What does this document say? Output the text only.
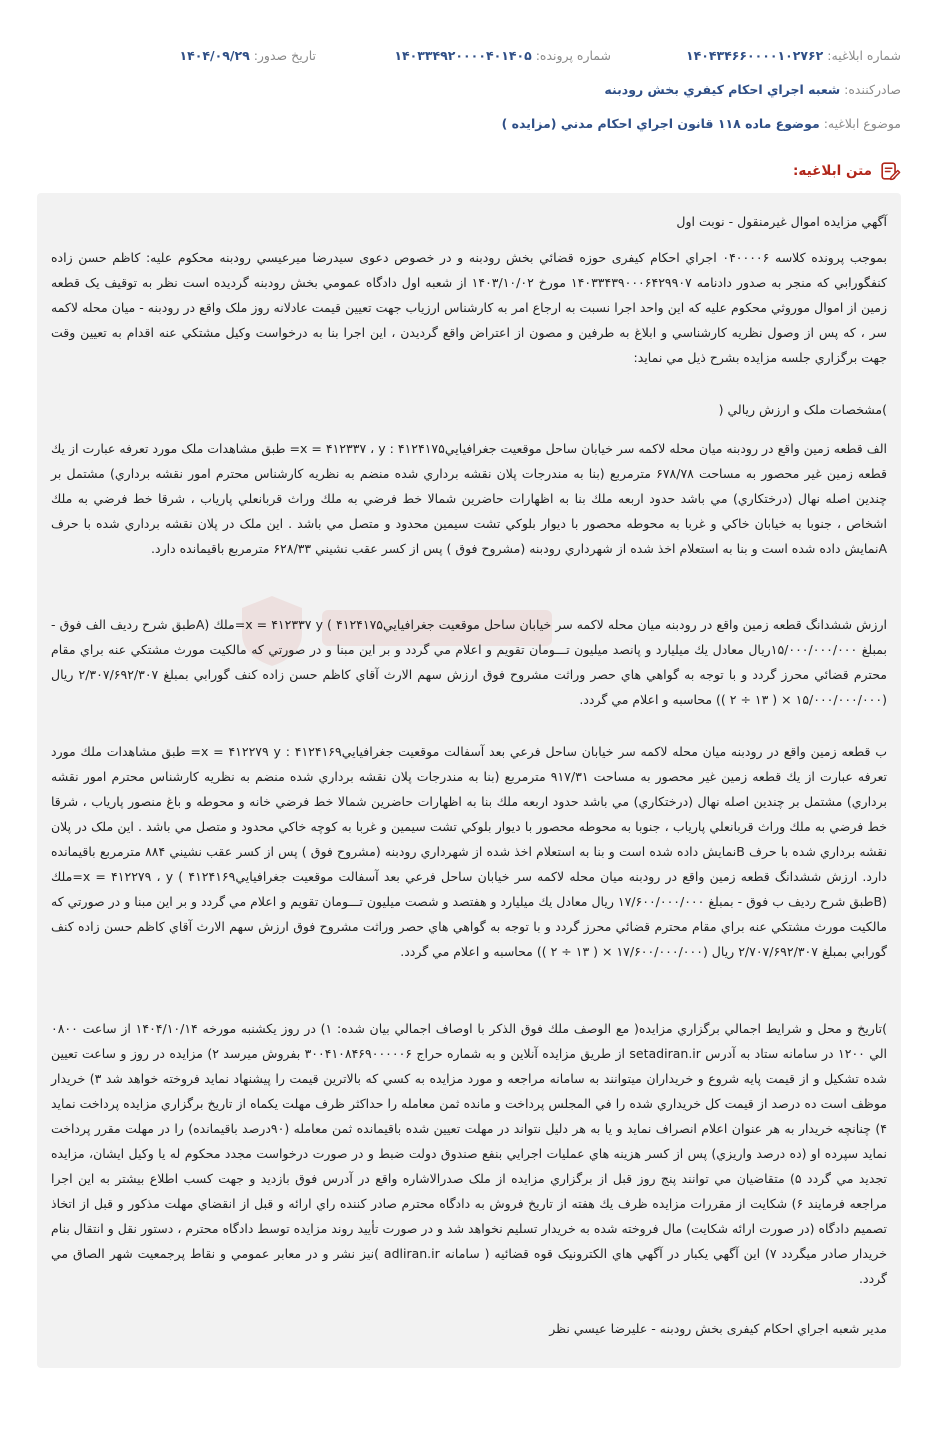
شماره ابلاغيه: ۱۴۰۴۳۴۶۶۰۰۰۰۱۰۲۷۶۲
شماره پرونده: ۱۴۰۳۳۴۹۲۰۰۰۰۴۰۱۴۰۵
تاريخ صدور: ۱۴۰۴/۰۹/۲۹
صادرکننده: شعبه اجراي احكام كيفري بخش رودبنه
موضوع ابلاغيه: موضوع ماده ۱۱۸ قانون اجراي احكام مدني (مزايده )
متن ابلاغيه:
آگهي مزايده اموال غيرمنقول - نوبت اول
بموجب پرونده کلاسه ۰۴۰۰۰۰۶ اجراي احکام کيفری حوزه قضائي بخش رودبنه و در خصوص دعوی سيدرضا ميرعيسي رودبنه محکوم عليه: کاظم حسن زاده کنفگورابي که منجر به صدور دادنامه ۱۴۰۳۳۴۳۹۰۰۰۶۴۲۹۹۰۷ مورخ ۱۴۰۳/۱۰/۰۲ از شعبه اول دادگاه عمومي بخش رودبنه گرديده است نظر به توقيف يک قطعه زمين از اموال موروثي محکوم عليه که اين واحد اجرا نسبت به ارجاع امر به کارشناس ارزياب جهت تعيين قيمت عادلانه روز ملک واقع در رودبنه - ميان محله لاکمه سر ، که پس از وصول نظريه کارشناسي و ابلاغ به طرفين و مصون از اعتراض واقع گرديدن ، اين اجرا بنا به درخواست وکيل مشتکي عنه اقدام به تعيين وقت جهت برگزاري جلسه مزايده بشرح ذيل مي نمايد:
)مشخصات ملک و ارزش ريالي (
الف قطعه زمين واقع در رودبنه ميان محله لاکمه سر خيابان ساحل موقعيت جغرافيايي۴۱۲۴۱۷۵ : x = ۴۱۲۳۳۷ ، y= طبق مشاهدات ملک مورد تعرفه عبارت از يك قطعه زمين غير محصور به مساحت ۶۷۸/۷۸ مترمربع (بنا به مندرجات پلان نقشه برداري شده منضم به نظريه کارشناس محترم امور نقشه برداري) مشتمل بر چندين اصله نهال (درختکاري) مي باشد حدود اربعه ملك بنا به اظهارات حاضرين شمالا خط فرضي به ملك وراث قربانعلي پارياب ، شرقا خط فرضي به ملك اشخاص ، جنوبا به خيابان خاکي و غربا به محوطه محصور با ديوار بلوکي تشت سيمين محدود و متصل مي باشد . اين ملک در پلان نقشه برداري شده با حرف Aنمايش داده شده است و بنا به استعلام اخذ شده از شهرداري رودبنه (مشروح فوق ) پس از کسر عقب نشيني ۶۲۸/۳۳ مترمربع باقيمانده دارد.
ارزش ششدانگ قطعه زمين واقع در رودبنه ميان محله لاکمه سر خيابان ساحل موقعيت جغرافيايي۴۱۲۴۱۷۵ ) x = ۴۱۲۳۳۷ y=ملك (Aطبق شرح رديف الف فوق - بمبلغ ۱۵/۰۰۰/۰۰۰/۰۰۰ريال معادل يك ميليارد و پانصد ميليون تـــومان تقويم و اعلام مي گردد و بر اين مبنا و در صورتي که مالکيت مورث مشتکي عنه براي مقام محترم قضائي محرز گردد و با توجه به گواهي هاي حصر وراثت مشروح فوق ارزش سهم الارث آقاي کاظم حسن زاده کنف گورابي بمبلغ ۲/۳۰۷/۶۹۲/۳۰۷ ريال (۱۵/۰۰۰/۰۰۰/۰۰۰ × ( ۱۳ ÷ ۲ )) محاسبه و اعلام مي گردد.
ب قطعه زمين واقع در رودبنه ميان محله لاکمه سر خيابان ساحل فرعي بعد آسفالت موقعيت جغرافيايي۴۱۲۴۱۶۹ : x = ۴۱۲۲۷۹ y= طبق مشاهدات ملك مورد تعرفه عبارت از يك قطعه زمين غير محصور به مساحت ۹۱۷/۳۱ مترمربع (بنا به مندرجات پلان نقشه برداري شده منضم به نظريه کارشناس محترم امور نقشه برداري) مشتمل بر چندين اصله نهال (درختکاري) مي باشد حدود اربعه ملك بنا به اظهارات حاضرين شمالا خط فرضي خانه و محوطه و باغ منصور پارياب ، شرقا خط فرضي به ملك وراث قربانعلي پارياب ، جنوبا به محوطه محصور با ديوار بلوکي تشت سيمين و غربا به کوچه خاکي محدود و متصل مي باشد . اين ملک در پلان نقشه برداري شده با حرف Bنمايش داده شده است و بنا به استعلام اخذ شده از شهرداري رودبنه (مشروح فوق ) پس از کسر عقب نشيني ۸۸۴ مترمربع باقيمانده دارد. ارزش ششدانگ قطعه زمين واقع در رودبنه ميان محله لاکمه سر خيابان ساحل فرعي بعد آسفالت موقعيت جغرافيايي۴۱۲۴۱۶۹ ) x = ۴۱۲۲۷۹ ، y=ملك (Bطبق شرح رديف ب فوق - بمبلغ ۱۷/۶۰۰/۰۰۰/۰۰۰ ريال معادل يك ميليارد و هفتصد و شصت ميليون تـــومان تقويم و اعلام مي گردد و بر اين مبنا و در صورتي که مالکيت مورث مشتکي عنه براي مقام محترم قضائي محرز گردد و با توجه به گواهي هاي حصر وراثت مشروح فوق ارزش سهم الارث آقاي کاظم حسن زاده کنف گورابي بمبلغ ۲/۷۰۷/۶۹۲/۳۰۷ ريال (۱۷/۶۰۰/۰۰۰/۰۰۰ × ( ۱۳ ÷ ۲ )) محاسبه و اعلام مي گردد.
)تاريخ و محل و شرايط اجمالي برگزاري مزايده( مع الوصف ملك فوق الذكر با اوصاف اجمالي بيان شده: ۱) در روز يکشنبه مورخه ۱۴۰۴/۱۰/۱۴ از ساعت ۰۸۰۰ الي ۱۲۰۰ در سامانه ستاد به آدرس setadiran.ir از طريق مزايده آنلاين و به شماره حراج ۳۰۰۴۱۰۸۴۶۹۰۰۰۰۰۶ بفروش ميرسد ۲) مزايده در روز و ساعت تعيين شده تشکيل و از قيمت پايه شروع و خريداران ميتوانند به سامانه مراجعه و مورد مزايده به کسي که بالاترين قيمت را پيشنهاد نمايد فروخته خواهد شد ۳) خريدار موظف است ده درصد از قيمت کل خريداري شده را في المجلس پرداخت و مانده ثمن معامله را حداکثر ظرف مهلت يکماه از تاريخ برگزاري مزايده پرداخت نمايد ۴) چنانچه خريدار به هر عنوان اعلام انصراف نمايد و يا به هر دليل نتواند در مهلت تعيين شده باقيمانده ثمن معامله (۹۰درصد باقيمانده) را در مهلت مقرر پرداخت نمايد سپرده او (ده درصد واريزي) پس از کسر هزينه هاي عمليات اجرايي بنفع صندوق دولت ضبط و در صورت درخواست مجدد محکوم له يا وکيل ايشان، مزايده تجديد مي گردد ۵) متقاضيان مي توانند پنج روز قبل از برگزاري مزايده از ملک صدرالاشاره واقع در آدرس فوق بازديد و جهت کسب اطلاع بيشتر به اين اجرا مراجعه فرمايند ۶) شکايت از مقررات مزايده ظرف يك هفته از تاريخ فروش به دادگاه محترم صادر كننده راي ارائه و قبل از انقضاي مهلت مذكور و قبل از اتخاذ تصميم دادگاه (در صورت ارائه شكايت) مال فروخته شده به خريدار تسليم نخواهد شد و در صورت تأييد روند مزايده توسط دادگاه محترم ، دستور نقل و انتقال بنام خريدار صادر ميگردد ۷) اين آگهي يکبار در آگهي هاي الکترونيک قوه قضائيه ( سامانه adliran.ir )نيز نشر و در معابر عمومي و نقاط پرجمعيت شهر الصاق مي گردد.
مدير شعبه اجراي احکام کيفری بخش رودبنه - عليرضا عيسي نظر
